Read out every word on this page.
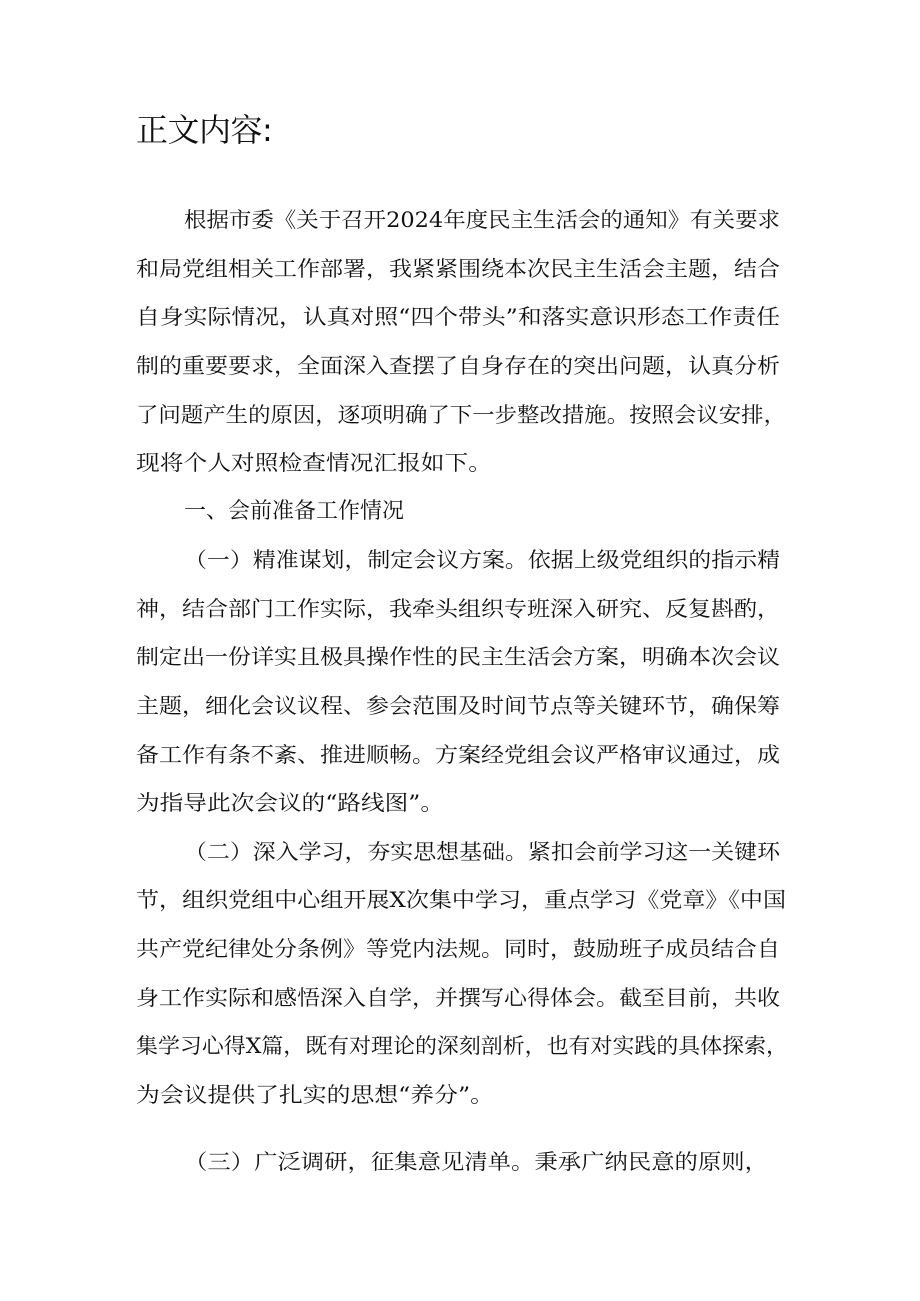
正文内容:
根据市委《关于召开2024年度民主生活会的通知》有关要求
和局党组相关工作部署，我紧紧围绕本次民主生活会主题，结合
自身实际情况，认真对照“四个带头”和落实意识形态工作责任
制的重要要求，全面深入查摆了自身存在的突出问题，认真分析
了问题产生的原因，逐项明确了下一步整改措施。按照会议安排，
现将个人对照检查情况汇报如下。
一、会前准备工作情况
（一）精准谋划，制定会议方案。依据上级党组织的指示精
神，结合部门工作实际，我牵头组织专班深入研究、反复斟酌，
制定出一份详实且极具操作性的民主生活会方案，明确本次会议
主题，细化会议议程、参会范围及时间节点等关键环节，确保筹
备工作有条不紊、推进顺畅。方案经党组会议严格审议通过，成
为指导此次会议的“路线图”。
（二）深入学习，夯实思想基础。紧扣会前学习这一关键环
节，组织党组中心组开展X次集中学习，重点学习《党章》《中国
共产党纪律处分条例》等党内法规。同时，鼓励班子成员结合自
身工作实际和感悟深入自学，并撰写心得体会。截至目前，共收
集学习心得X篇，既有对理论的深刻剖析，也有对实践的具体探索，
为会议提供了扎实的思想“养分”。
（三）广泛调研，征集意见清单。秉承广纳民意的原则，
